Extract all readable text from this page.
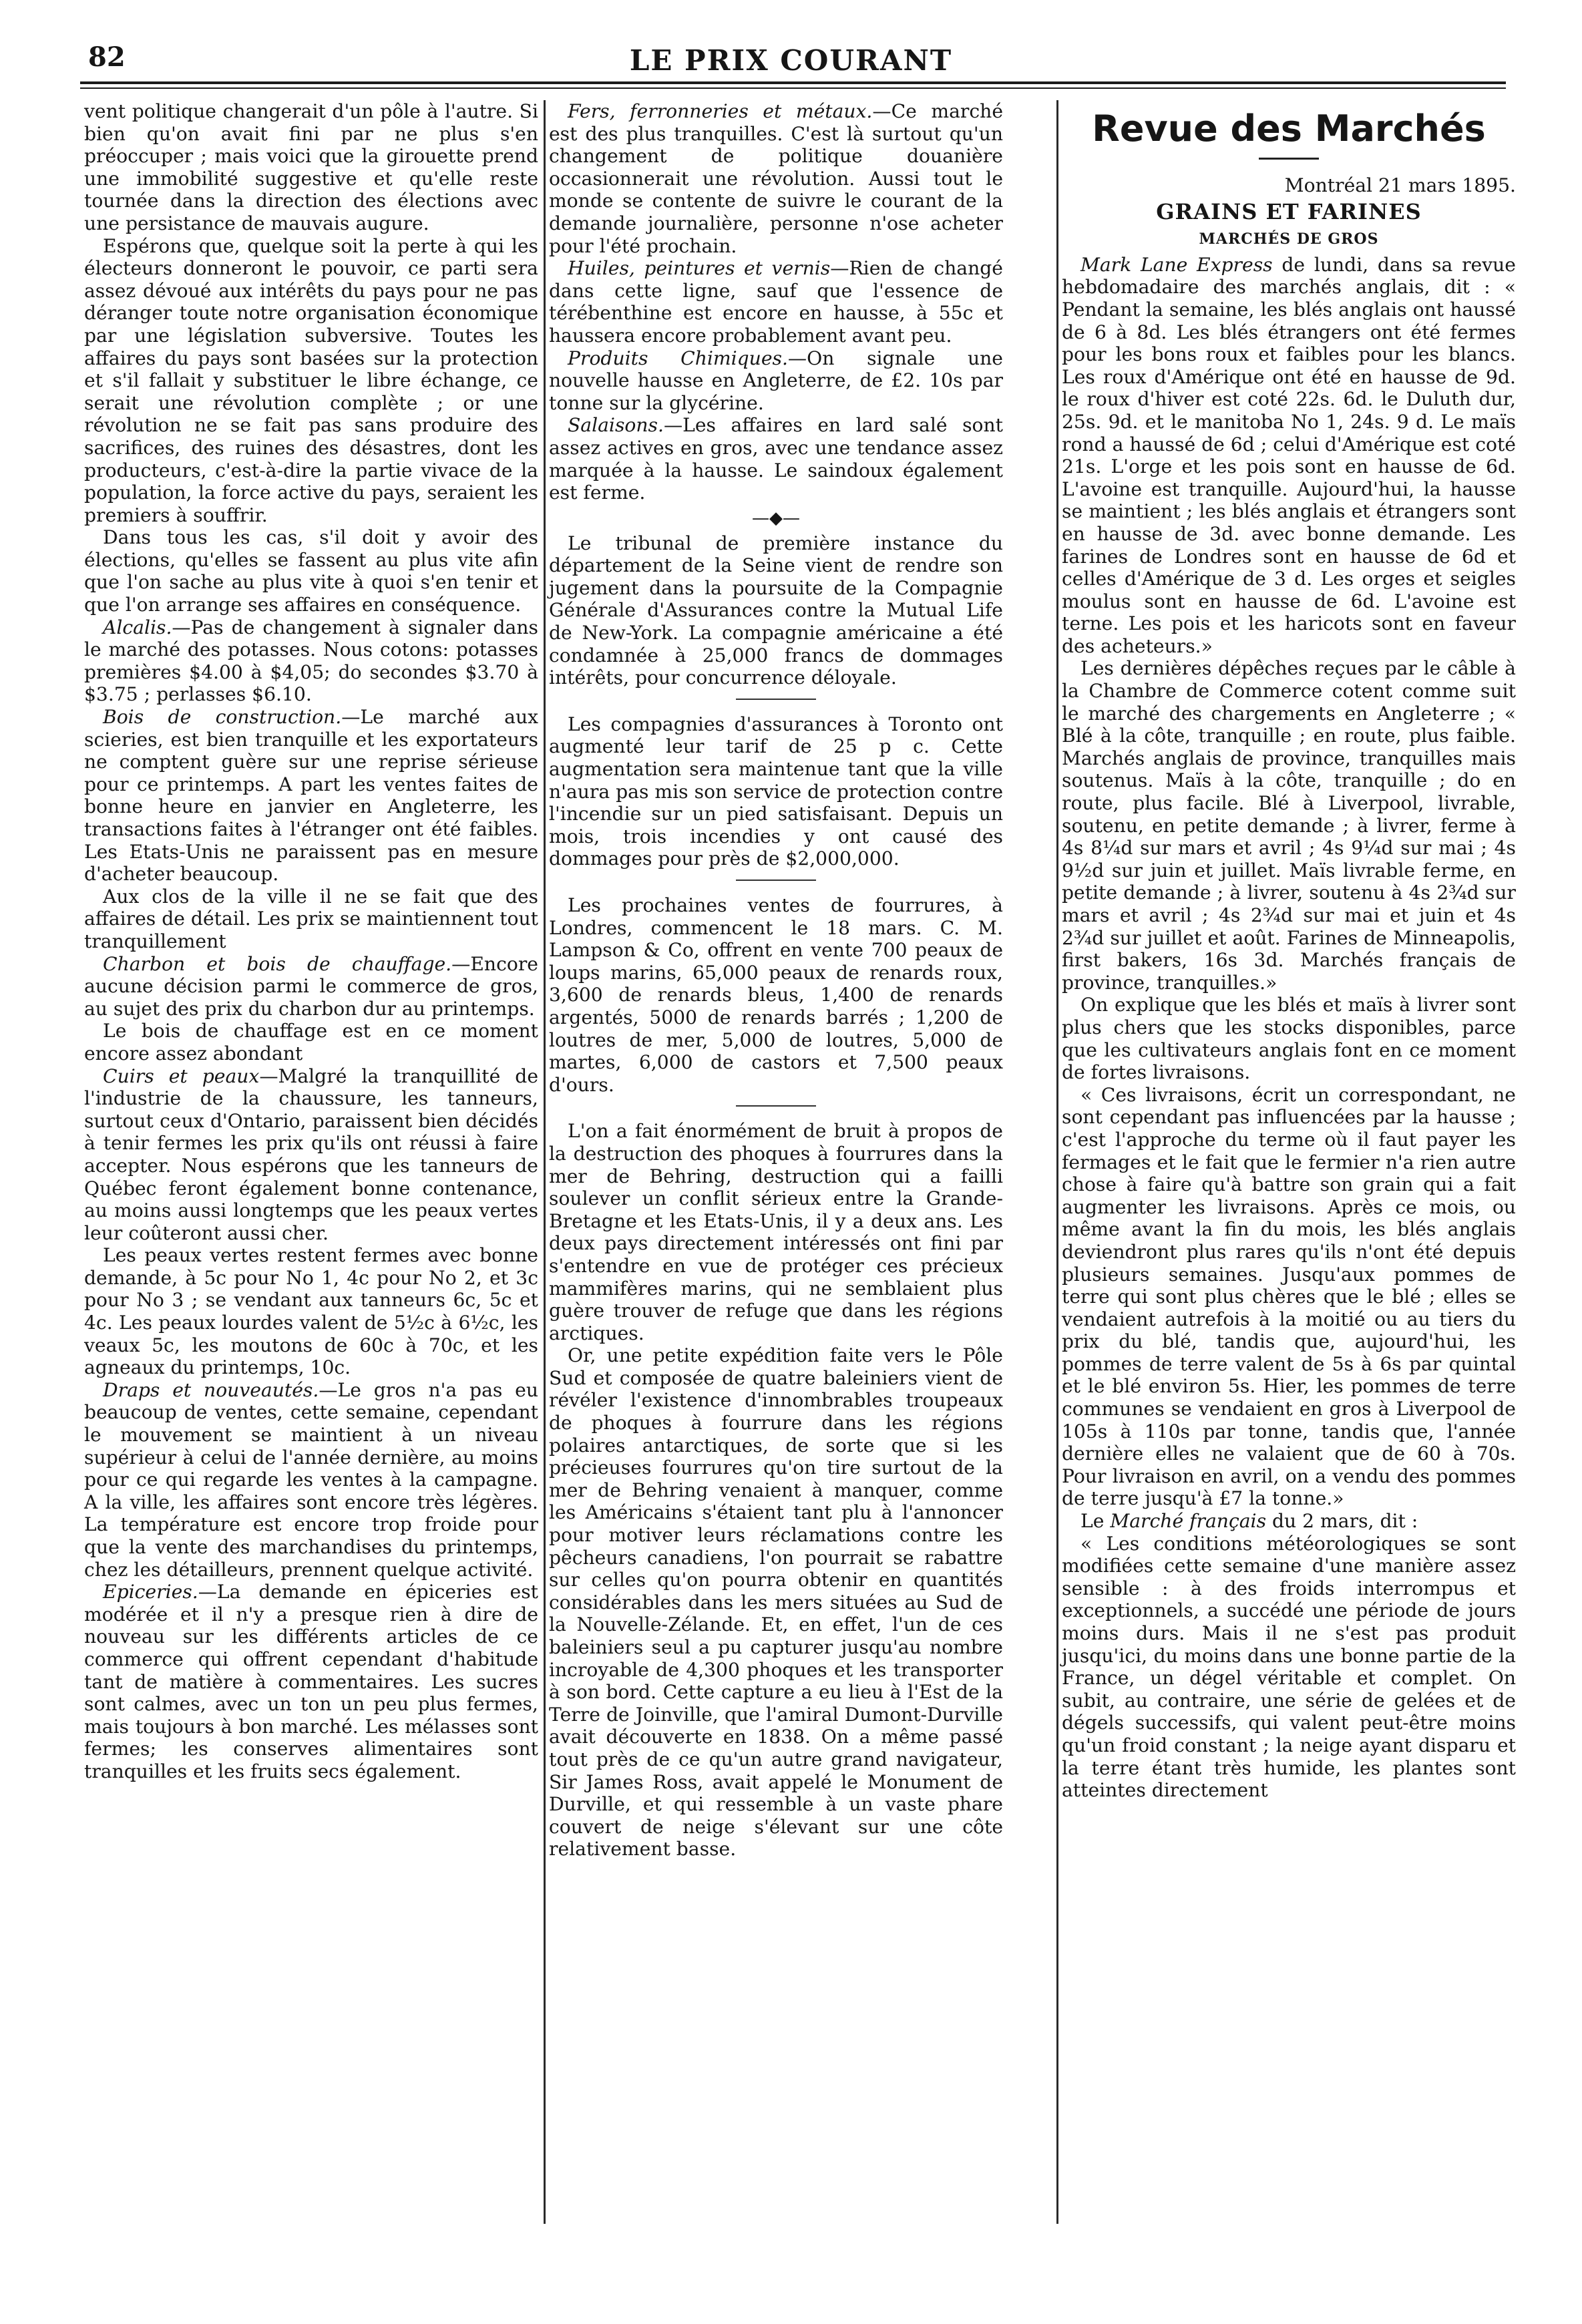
82	LE PRIX COURANT

vent politique changerait d'un pôle à l'autre. Si bien qu'on avait fini par ne plus s'en préoccuper ; mais voici que la girouette prend une immobilité suggestive et qu'elle reste tournée dans la direction des élections avec une persistance de mauvais augure.

Espérons que, quelque soit la perte à qui les électeurs donneront le pouvoir, ce parti sera assez dévoué aux intérêts du pays pour ne pas déranger toute notre organisation économique par une législation subversive. Toutes les affaires du pays sont basées sur la protection et s'il fallait y substituer le libre échange, ce serait une révolution complète ; or une révolution ne se fait pas sans produire des sacrifices, des ruines des désastres, dont les producteurs, c'est-à-dire la partie vivace de la population, la force active du pays, seraient les premiers à souffrir.

Dans tous les cas, s'il doit y avoir des élections, qu'elles se fassent au plus vite afin que l'on sache au plus vite à quoi s'en tenir et que l'on arrange ses affaires en conséquence.

Alcalis.—Pas de changement à signaler dans le marché des potasses. Nous cotons: potasses premières $4.00 à $4,05; do secondes $3.70 à $3.75 ; perlasses $6.10.

Bois de construction.—Le marché aux scieries, est bien tranquille et les exportateurs ne comptent guère sur une reprise sérieuse pour ce printemps. A part les ventes faites de bonne heure en janvier en Angleterre, les transactions faites à l'étranger ont été faibles. Les Etats-Unis ne paraissent pas en mesure d'acheter beaucoup.

Aux clos de la ville il ne se fait que des affaires de détail. Les prix se maintiennent tout tranquillement

Charbon et bois de chauffage.—Encore aucune décision parmi le commerce de gros, au sujet des prix du charbon dur au printemps.

Le bois de chauffage est en ce moment encore assez abondant

Cuirs et peaux—Malgré la tranquillité de l'industrie de la chaussure, les tanneurs, surtout ceux d'Ontario, paraissent bien décidés à tenir fermes les prix qu'ils ont réussi à faire accepter. Nous espérons que les tanneurs de Québec feront également bonne contenance, au moins aussi longtemps que les peaux vertes leur coûteront aussi cher.

Les peaux vertes restent fermes avec bonne demande, à 5c pour No 1, 4c pour No 2, et 3c pour No 3 ; se vendant aux tanneurs 6c, 5c et 4c. Les peaux lourdes valent de 5½c à 6½c, les veaux 5c, les moutons de 60c à 70c, et les agneaux du printemps, 10c.

Draps et nouveautés.—Le gros n'a pas eu beaucoup de ventes, cette semaine, cependant le mouvement se maintient à un niveau supérieur à celui de l'année dernière, au moins pour ce qui regarde les ventes à la campagne. A la ville, les affaires sont encore très légères. La température est encore trop froide pour que la vente des marchandises du printemps, chez les détailleurs, prennent quelque activité.

Epiceries.—La demande en épiceries est modérée et il n'y a presque rien à dire de nouveau sur les différents articles de ce commerce qui offrent cependant d'habitude tant de matière à commentaires. Les sucres sont calmes, avec un ton un peu plus fermes, mais toujours à bon marché. Les mélasses sont fermes; les conserves alimentaires sont tranquilles et les fruits secs également.

Fers, ferronneries et métaux.—Ce marché est des plus tranquilles. C'est là surtout qu'un changement de politique douanière occasionnerait une révolution. Aussi tout le monde se contente de suivre le courant de la demande journalière, personne n'ose acheter pour l'été prochain.

Huiles, peintures et vernis—Rien de changé dans cette ligne, sauf que l'essence de térébenthine est encore en hausse, à 55c et haussera encore probablement avant peu.

Produits Chimiques.—On signale une nouvelle hausse en Angleterre, de £2. 10s par tonne sur la glycérine.

Salaisons.—Les affaires en lard salé sont assez actives en gros, avec une tendance assez marquée à la hausse. Le saindoux également est ferme.

—◆—

Le tribunal de première instance du département de la Seine vient de rendre son jugement dans la poursuite de la Compagnie Générale d'Assurances contre la Mutual Life de New-York. La compagnie américaine a été condamnée à 25,000 francs de dommages intérêts, pour concurrence déloyale.

Les compagnies d'assurances à Toronto ont augmenté leur tarif de 25 p c. Cette augmentation sera maintenue tant que la ville n'aura pas mis son service de protection contre l'incendie sur un pied satisfaisant. Depuis un mois, trois incendies y ont causé des dommages pour près de $2,000,000.

Les prochaines ventes de fourrures, à Londres, commencent le 18 mars. C. M. Lampson & Co, offrent en vente 700 peaux de loups marins, 65,000 peaux de renards roux, 3,600 de renards bleus, 1,400 de renards argentés, 5000 de renards barrés ; 1,200 de loutres de mer, 5,000 de loutres, 5,000 de martes, 6,000 de castors et 7,500 peaux d'ours.

L'on a fait énormément de bruit à propos de la destruction des phoques à fourrures dans la mer de Behring, destruction qui a failli soulever un conflit sérieux entre la Grande-Bretagne et les Etats-Unis, il y a deux ans. Les deux pays directement intéressés ont fini par s'entendre en vue de protéger ces précieux mammifères marins, qui ne semblaient plus guère trouver de refuge que dans les régions arctiques.

Or, une petite expédition faite vers le Pôle Sud et composée de quatre baleiniers vient de révéler l'existence d'innombrables troupeaux de phoques à fourrure dans les régions polaires antarctiques, de sorte que si les précieuses fourrures qu'on tire surtout de la mer de Behring venaient à manquer, comme les Américains s'étaient tant plu à l'annoncer pour motiver leurs réclamations contre les pêcheurs canadiens, l'on pourrait se rabattre sur celles qu'on pourra obtenir en quantités considérables dans les mers situées au Sud de la Nouvelle-Zélande. Et, en effet, l'un de ces baleiniers seul a pu capturer jusqu'au nombre incroyable de 4,300 phoques et les transporter à son bord. Cette capture a eu lieu à l'Est de la Terre de Joinville, que l'amiral Dumont-Durville avait découverte en 1838. On a même passé tout près de ce qu'un autre grand navigateur, Sir James Ross, avait appelé le Monument de Durville, et qui ressemble à un vaste phare couvert de neige s'élevant sur une côte relativement basse.

Revue des Marchés
Montréal 21 mars 1895.
GRAINS ET FARINES
MARCHÉS DE GROS

Mark Lane Express de lundi, dans sa revue hebdomadaire des marchés anglais, dit : « Pendant la semaine, les blés anglais ont haussé de 6 à 8d. Les blés étrangers ont été fermes pour les bons roux et faibles pour les blancs. Les roux d'Amérique ont été en hausse de 9d. le roux d'hiver est coté 22s. 6d. le Duluth dur, 25s. 9d. et le manitoba No 1, 24s. 9 d. Le maïs rond a haussé de 6d ; celui d'Amérique est coté 21s. L'orge et les pois sont en hausse de 6d. L'avoine est tranquille. Aujourd'hui, la hausse se maintient ; les blés anglais et étrangers sont en hausse de 3d. avec bonne demande. Les farines de Londres sont en hausse de 6d et celles d'Amérique de 3 d. Les orges et seigles moulus sont en hausse de 6d. L'avoine est terne. Les pois et les haricots sont en faveur des acheteurs.»

Les dernières dépêches reçues par le câble à la Chambre de Commerce cotent comme suit le marché des chargements en Angleterre ; « Blé à la côte, tranquille ; en route, plus faible. Marchés anglais de province, tranquilles mais soutenus. Maïs à la côte, tranquille ; do en route, plus facile. Blé à Liverpool, livrable, soutenu, en petite demande ; à livrer, ferme à 4s 8¼d sur mars et avril ; 4s 9¼d sur mai ; 4s 9½d sur juin et juillet. Maïs livrable ferme, en petite demande ; à livrer, soutenu à 4s 2¾d sur mars et avril ; 4s 2¾d sur mai et juin et 4s 2¾d sur juillet et août. Farines de Minneapolis, first bakers, 16s 3d. Marchés français de province, tranquilles.»

On explique que les blés et maïs à livrer sont plus chers que les stocks disponibles, parce que les cultivateurs anglais font en ce moment de fortes livraisons.

« Ces livraisons, écrit un correspondant, ne sont cependant pas influencées par la hausse ; c'est l'approche du terme où il faut payer les fermages et le fait que le fermier n'a rien autre chose à faire qu'à battre son grain qui a fait augmenter les livraisons. Après ce mois, ou même avant la fin du mois, les blés anglais deviendront plus rares qu'ils n'ont été depuis plusieurs semaines. Jusqu'aux pommes de terre qui sont plus chères que le blé ; elles se vendaient autrefois à la moitié ou au tiers du prix du blé, tandis que, aujourd'hui, les pommes de terre valent de 5s à 6s par quintal et le blé environ 5s. Hier, les pommes de terre communes se vendaient en gros à Liverpool de 105s à 110s par tonne, tandis que, l'année dernière elles ne valaient que de 60 à 70s. Pour livraison en avril, on a vendu des pommes de terre jusqu'à £7 la tonne.»

Le Marché français du 2 mars, dit :

« Les conditions météorologiques se sont modifiées cette semaine d'une manière assez sensible : à des froids interrompus et exceptionnels, a succédé une période de jours moins durs. Mais il ne s'est pas produit jusqu'ici, du moins dans une bonne partie de la France, un dégel véritable et complet. On subit, au contraire, une série de gelées et de dégels successifs, qui valent peut-être moins qu'un froid constant ; la neige ayant disparu et la terre étant très humide, les plantes sont atteintes directement
